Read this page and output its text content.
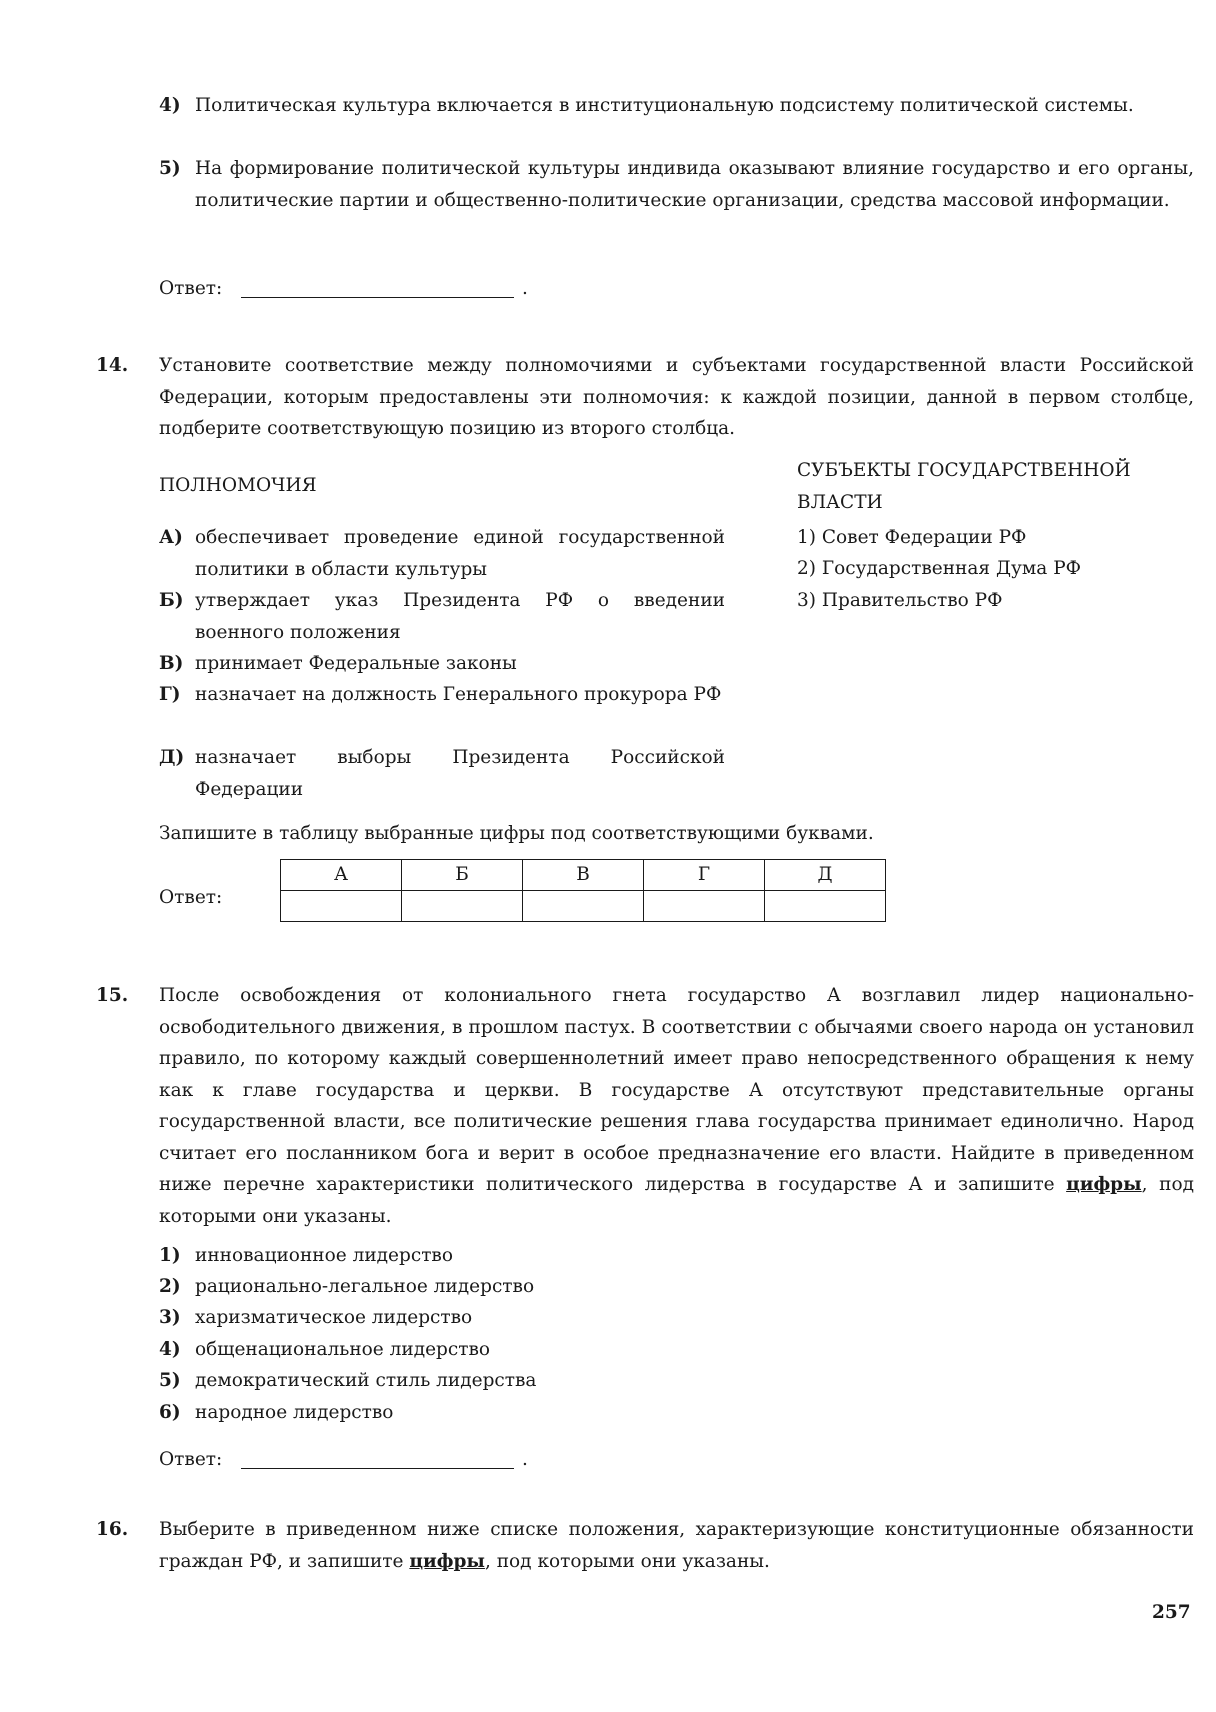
4) Политическая культура включается в институциональную подсистему политической системы.
5) На формирование политической культуры индивида оказывают влияние государство и его органы, политические партии и общественно-политические организации, средства массовой информации.
Ответ:	.
14. Установите соответствие между полномочиями и субъектами государственной власти Российской Федерации, которым предоставлены эти полномочия: к каждой позиции, данной в первом столбце, подберите соответствующую позицию из второго столбца.
ПОЛНОМОЧИЯ
СУБЪЕКТЫ ГОСУДАРСТВЕННОЙ ВЛАСТИ
А) обеспечивает проведение единой государственной политики в области культуры
Б) утверждает указ Президента РФ о введении военного положения
В) принимает Федеральные законы
Г) назначает на должность Генерального прокурора РФ
Д) назначает выборы Президента Российской Федерации
1) Совет Федерации РФ
2) Государственная Дума РФ
3) Правительство РФ
Запишите в таблицу выбранные цифры под соответствующими буквами.
Ответ:
А	Б	В	Г	Д

15. После освобождения от колониального гнета государство А возглавил лидер национально-освободительного движения, в прошлом пастух. В соответствии с обычаями своего народа он установил правило, по которому каждый совершеннолетний имеет право непосредственного обращения к нему как к главе государства и церкви. В государстве А отсутствуют представительные органы государственной власти, все политические решения глава государства принимает единолично. Народ считает его посланником бога и верит в особое предназначение его власти. Найдите в приведенном ниже перечне характеристики политического лидерства в государстве А и запишите цифры, под которыми они указаны.
1) инновационное лидерство
2) рационально-легальное лидерство
3) харизматическое лидерство
4) общенациональное лидерство
5) демократический стиль лидерства
6) народное лидерство
Ответ:	.
16. Выберите в приведенном ниже списке положения, характеризующие конституционные обязанности граждан РФ, и запишите цифры, под которыми они указаны.
257
